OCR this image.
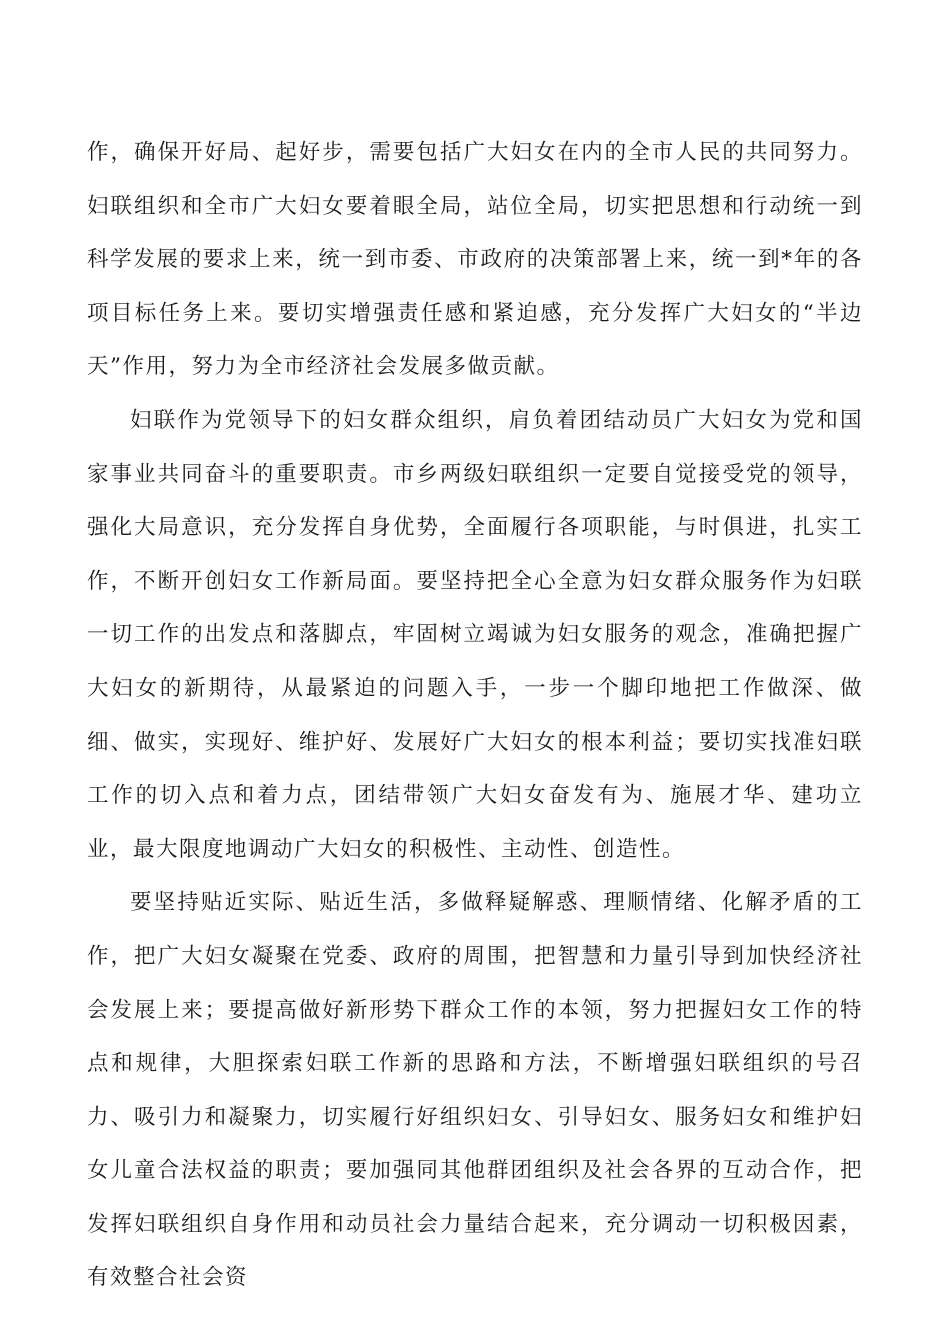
作，确保开好局、起好步，需要包括广大妇女在内的全市人民的共同努力。妇联组织和全市广大妇女要着眼全局，站位全局，切实把思想和行动统一到科学发展的要求上来，统一到市委、市政府的决策部署上来，统一到*年的各项目标任务上来。要切实增强责任感和紧迫感，充分发挥广大妇女的“半边天”作用，努力为全市经济社会发展多做贡献。

妇联作为党领导下的妇女群众组织，肩负着团结动员广大妇女为党和国家事业共同奋斗的重要职责。市乡两级妇联组织一定要自觉接受党的领导，强化大局意识，充分发挥自身优势，全面履行各项职能，与时俱进，扎实工作，不断开创妇女工作新局面。要坚持把全心全意为妇女群众服务作为妇联一切工作的出发点和落脚点，牢固树立竭诚为妇女服务的观念，准确把握广大妇女的新期待，从最紧迫的问题入手，一步一个脚印地把工作做深、做细、做实，实现好、维护好、发展好广大妇女的根本利益；要切实找准妇联工作的切入点和着力点，团结带领广大妇女奋发有为、施展才华、建功立业，最大限度地调动广大妇女的积极性、主动性、创造性。

要坚持贴近实际、贴近生活，多做释疑解惑、理顺情绪、化解矛盾的工作，把广大妇女凝聚在党委、政府的周围，把智慧和力量引导到加快经济社会发展上来；要提高做好新形势下群众工作的本领，努力把握妇女工作的特点和规律，大胆探索妇联工作新的思路和方法，不断增强妇联组织的号召力、吸引力和凝聚力，切实履行好组织妇女、引导妇女、服务妇女和维护妇女儿童合法权益的职责；要加强同其他群团组织及社会各界的互动合作，把发挥妇联组织自身作用和动员社会力量结合起来，充分调动一切积极因素，有效整合社会资
